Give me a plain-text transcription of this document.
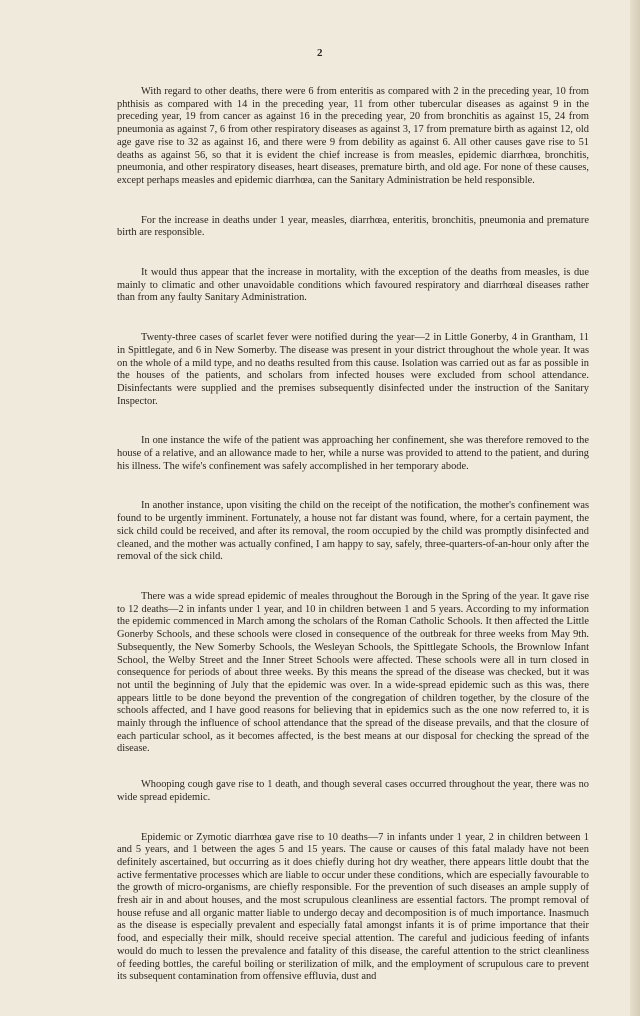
2

With regard to other deaths, there were 6 from enteritis as compared with 2 in the preceding year, 10 from phthisis as compared with 14 in the preceding year, 11 from other tubercular diseases as against 9 in the preceding year, 19 from cancer as against 16 in the preceding year, 20 from bronchitis as against 15, 24 from pneumonia as against 7, 6 from other respiratory diseases as against 3, 17 from premature birth as against 12, old age gave rise to 32 as against 16, and there were 9 from debility as against 6. All other causes gave rise to 51 deaths as against 56, so that it is evident the chief increase is from measles, epidemic diarrhœa, bronchitis, pneumonia, and other respiratory diseases, heart diseases, premature birth, and old age. For none of these causes, except perhaps measles and epidemic diarrhœa, can the Sanitary Administration be held responsible.

For the increase in deaths under 1 year, measles, diarrhœa, enteritis, bronchitis, pneumonia and premature birth are responsible.

It would thus appear that the increase in mortality, with the exception of the deaths from measles, is due mainly to climatic and other unavoidable conditions which favoured respiratory and diarrhœal diseases rather than from any faulty Sanitary Administration.

Twenty-three cases of scarlet fever were notified during the year—2 in Little Gonerby, 4 in Grantham, 11 in Spittlegate, and 6 in New Somerby. The disease was present in your district throughout the whole year. It was on the whole of a mild type, and no deaths resulted from this cause. Isolation was carried out as far as possible in the houses of the patients, and scholars from infected houses were excluded from school attendance. Disinfectants were supplied and the premises subsequently disinfected under the instruction of the Sanitary Inspector.

In one instance the wife of the patient was approaching her confinement, she was therefore removed to the house of a relative, and an allowance made to her, while a nurse was provided to attend to the patient, and during his illness. The wife's confinement was safely accomplished in her temporary abode.

In another instance, upon visiting the child on the receipt of the notification, the mother's confinement was found to be urgently imminent. Fortunately, a house not far distant was found, where, for a certain payment, the sick child could be received, and after its removal, the room occupied by the child was promptly disinfected and cleaned, and the mother was actually confined, I am happy to say, safely, three-quarters-of-an-hour only after the removal of the sick child.

There was a wide spread epidemic of meales throughout the Borough in the Spring of the year. It gave rise to 12 deaths—2 in infants under 1 year, and 10 in children between 1 and 5 years. According to my information the epidemic commenced in March among the scholars of the Roman Catholic Schools. It then affected the Little Gonerby Schools, and these schools were closed in consequence of the outbreak for three weeks from May 9th. Subsequently, the New Somerby Schools, the Wesleyan Schools, the Spittlegate Schools, the Brownlow Infant School, the Welby Street and the Inner Street Schools were affected. These schools were all in turn closed in consequence for periods of about three weeks. By this means the spread of the disease was checked, but it was not until the beginning of July that the epidemic was over. In a wide-spread epidemic such as this was, there appears little to be done beyond the prevention of the congregation of children together, by the closure of the schools affected, and I have good reasons for believing that in epidemics such as the one now referred to, it is mainly through the influence of school attendance that the spread of the disease prevails, and that the closure of each particular school, as it becomes affected, is the best means at our disposal for checking the spread of the disease.

Whooping cough gave rise to 1 death, and though several cases occurred throughout the year, there was no wide spread epidemic.

Epidemic or Zymotic diarrhœa gave rise to 10 deaths—7 in infants under 1 year, 2 in children between 1 and 5 years, and 1 between the ages 5 and 15 years. The cause or causes of this fatal malady have not been definitely ascertained, but occurring as it does chiefly during hot dry weather, there appears little doubt that the active fermentative processes which are liable to occur under these conditions, which are especially favourable to the growth of micro-organisms, are chiefly responsible. For the prevention of such diseases an ample supply of fresh air in and about houses, and the most scrupulous cleanliness are essential factors. The prompt removal of house refuse and all organic matter liable to undergo decay and decomposition is of much importance. Inasmuch as the disease is especially prevalent and especially fatal amongst infants it is of prime importance that their food, and especially their milk, should receive special attention. The careful and judicious feeding of infants would do much to lessen the prevalence and fatality of this disease, the careful attention to the strict cleanliness of feeding bottles, the careful boiling or sterilization of milk, and the employment of scrupulous care to prevent its subsequent contamination from offensive effluvia, dust and
